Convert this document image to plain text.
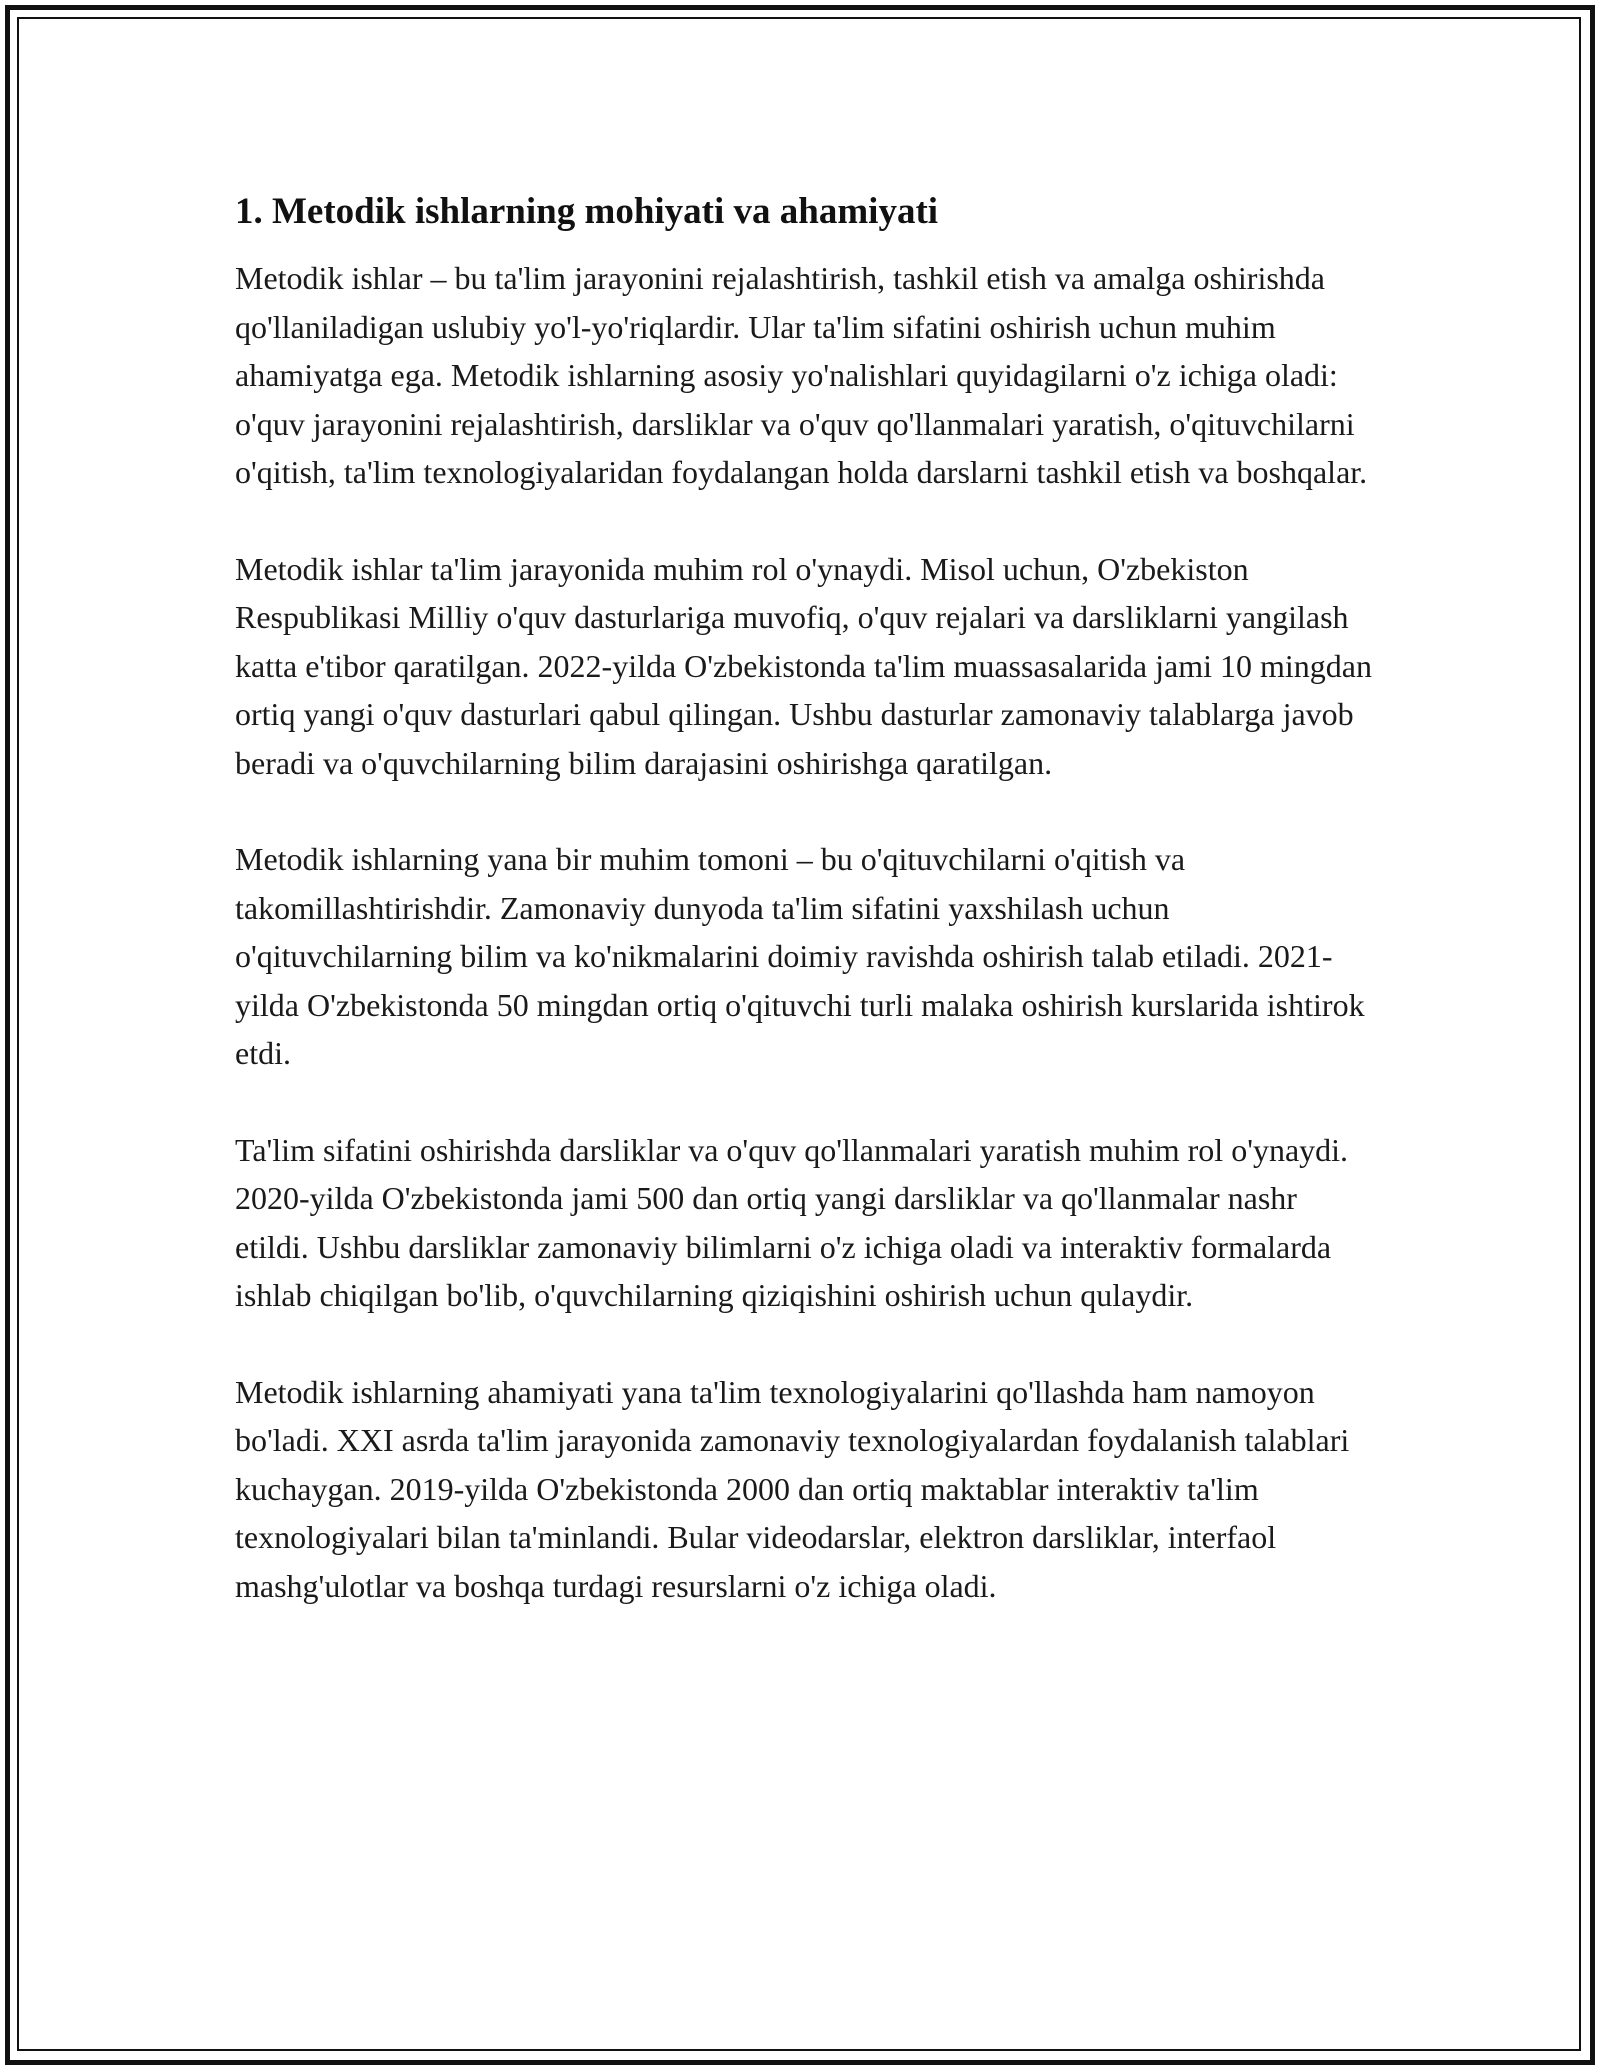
1. Metodik ishlarning mohiyati va ahamiyati

Metodik ishlar – bu ta'lim jarayonini rejalashtirish, tashkil etish va amalga oshirishda qo'llaniladigan uslubiy yo'l-yo'riqlardir. Ular ta'lim sifatini oshirish uchun muhim ahamiyatga ega. Metodik ishlarning asosiy yo'nalishlari quyidagilarni o'z ichiga oladi: o'quv jarayonini rejalashtirish, darsliklar va o'quv qo'llanmalari yaratish, o'qituvchilarni o'qitish, ta'lim texnologiyalaridan foydalangan holda darslarni tashkil etish va boshqalar.

Metodik ishlar ta'lim jarayonida muhim rol o'ynaydi. Misol uchun, O'zbekiston Respublikasi Milliy o'quv dasturlariga muvofiq, o'quv rejalari va darsliklarni yangilash katta e'tibor qaratilgan. 2022-yilda O'zbekistonda ta'lim muassasalarida jami 10 mingdan ortiq yangi o'quv dasturlari qabul qilingan. Ushbu dasturlar zamonaviy talablarga javob beradi va o'quvchilarning bilim darajasini oshirishga qaratilgan.

Metodik ishlarning yana bir muhim tomoni – bu o'qituvchilarni o'qitish va takomillashtirishdir. Zamonaviy dunyoda ta'lim sifatini yaxshilash uchun o'qituvchilarning bilim va ko'nikmalarini doimiy ravishda oshirish talab etiladi. 2021-yilda O'zbekistonda 50 mingdan ortiq o'qituvchi turli malaka oshirish kurslarida ishtirok etdi.

Ta'lim sifatini oshirishda darsliklar va o'quv qo'llanmalari yaratish muhim rol o'ynaydi. 2020-yilda O'zbekistonda jami 500 dan ortiq yangi darsliklar va qo'llanmalar nashr etildi. Ushbu darsliklar zamonaviy bilimlarni o'z ichiga oladi va interaktiv formalarda ishlab chiqilgan bo'lib, o'quvchilarning qiziqishini oshirish uchun qulaydir.

Metodik ishlarning ahamiyati yana ta'lim texnologiyalarini qo'llashda ham namoyon bo'ladi. XXI asrda ta'lim jarayonida zamonaviy texnologiyalardan foydalanish talablari kuchaygan. 2019-yilda O'zbekistonda 2000 dan ortiq maktablar interaktiv ta'lim texnologiyalari bilan ta'minlandi. Bular videodarslar, elektron darsliklar, interfaol mashg'ulotlar va boshqa turdagi resurslarni o'z ichiga oladi.
